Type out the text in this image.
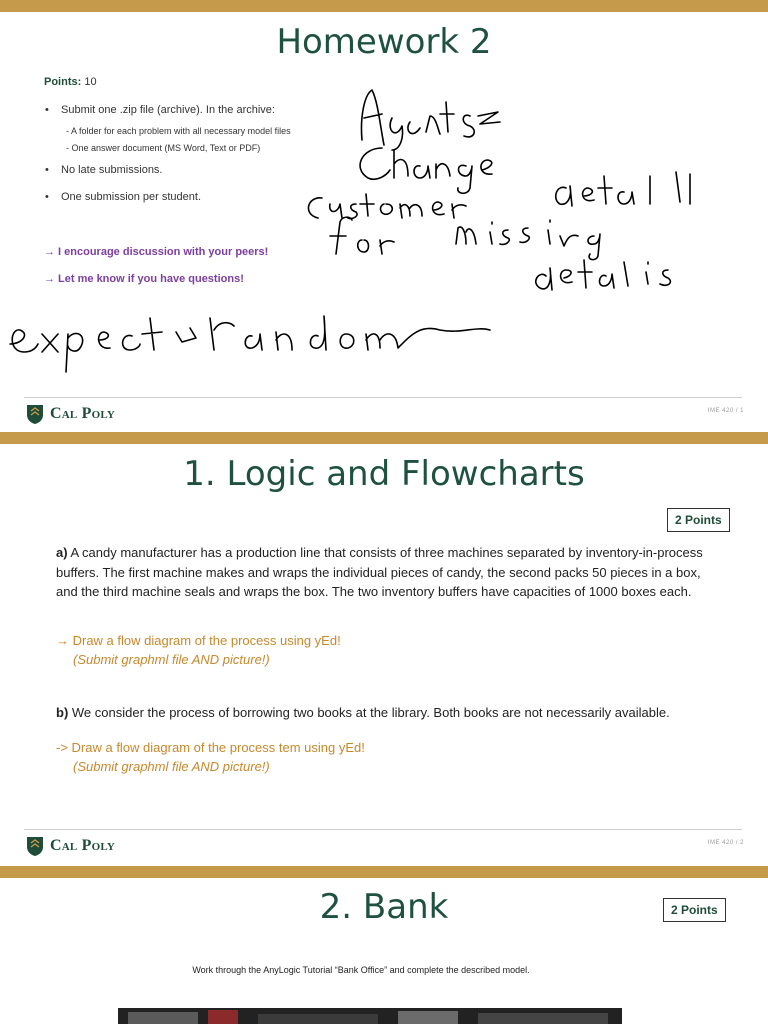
Homework 2
Points: 10
• Submit one .zip file (archive). In the archive:
- A folder for each problem with all necessary model files
- One answer document (MS Word, Text or PDF)
• No late submissions.
• One submission per student.
→ I encourage discussion with your peers!
→ Let me know if you have questions!
Cal Poly	IME 420 / 1
1. Logic and Flowcharts
2 Points
a) A candy manufacturer has a production line that consists of three machines separated by inventory-in-process buffers. The first machine makes and wraps the individual pieces of candy, the second packs 50 pieces in a box, and the third machine seals and wraps the box. The two inventory buffers have capacities of 1000 boxes each.
→ Draw a flow diagram of the process using yEd!
(Submit graphml file AND picture!)
b) We consider the process of borrowing two books at the library. Both books are not necessarily available.
-> Draw a flow diagram of the process tem using yEd!
(Submit graphml file AND picture!)
Cal Poly	IME 420 / 2
2. Bank	2 Points
Work through the AnyLogic Tutorial “Bank Office” and complete the described model.
